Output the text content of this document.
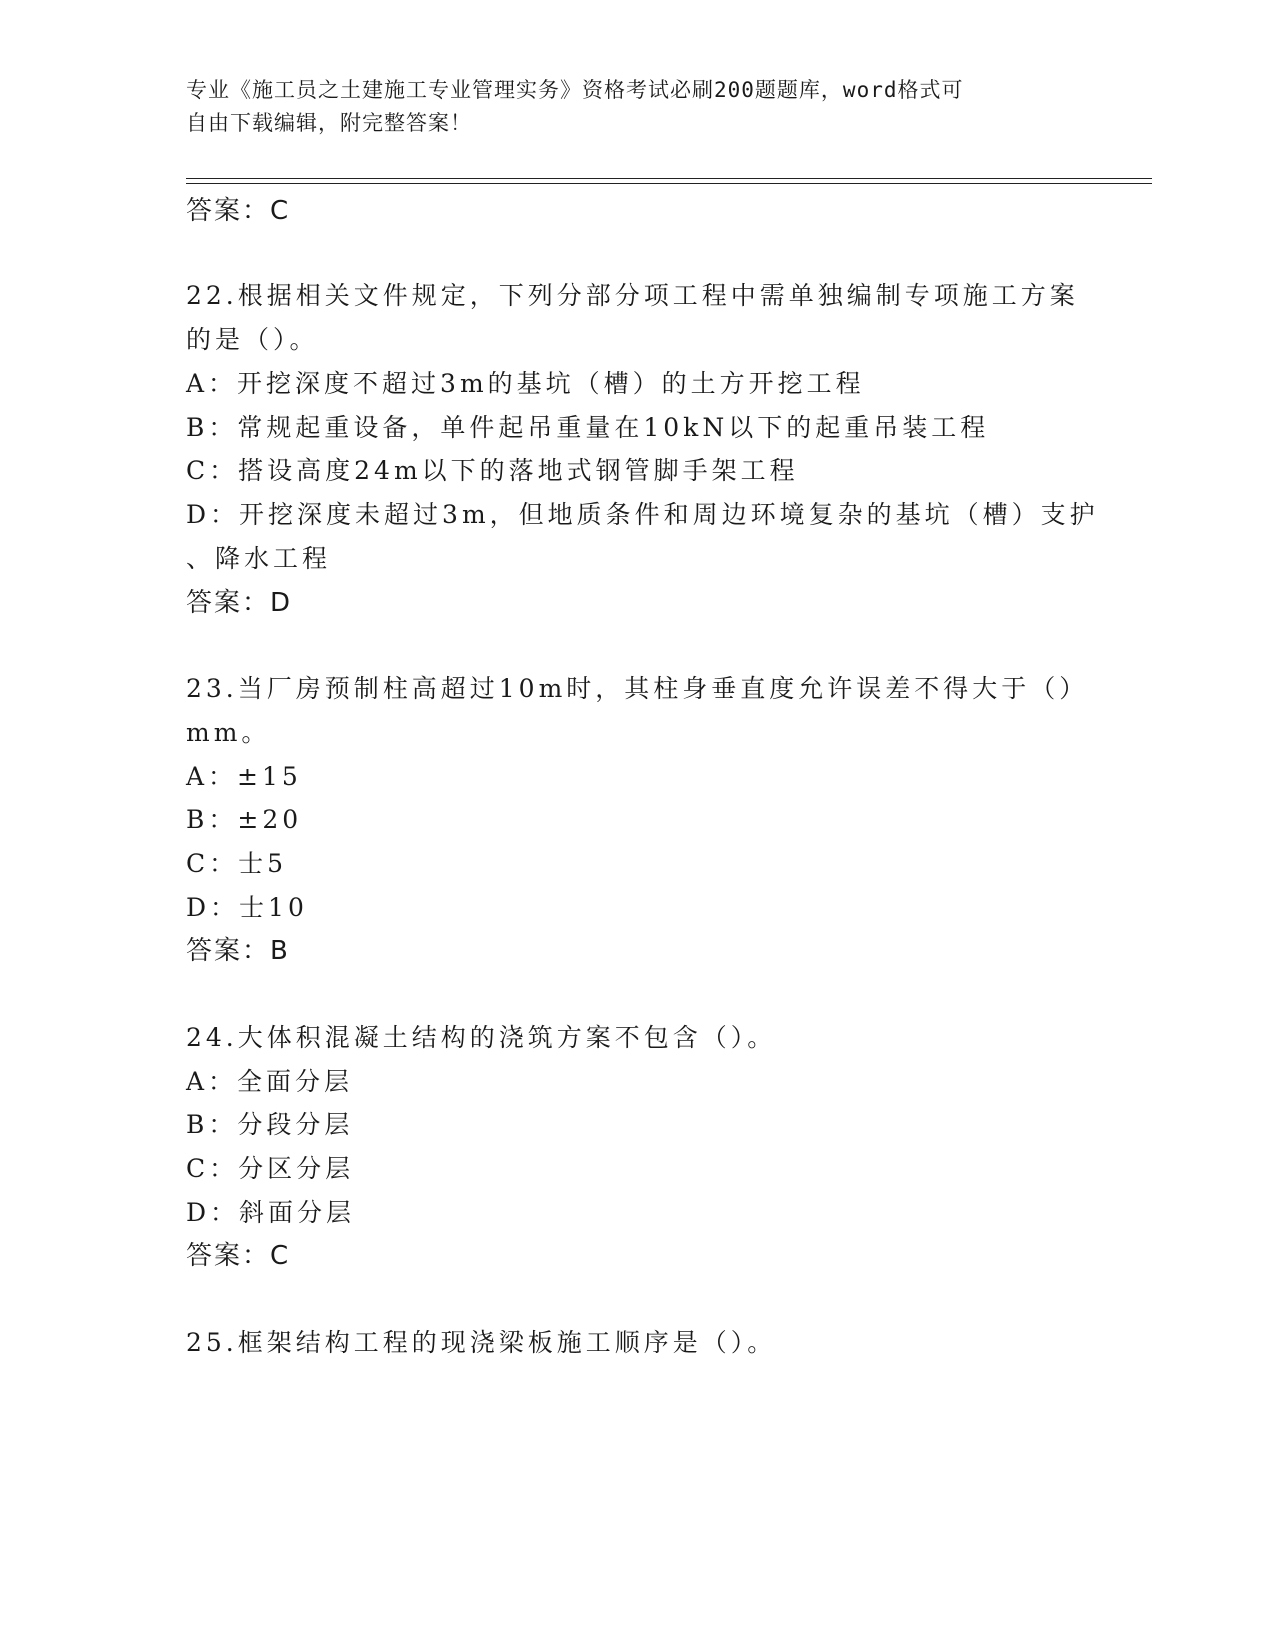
专业《施工员之土建施工专业管理实务》资格考试必刷200题题库，word格式可
自由下载编辑，附完整答案！
答案：C
22.根据相关文件规定，下列分部分项工程中需单独编制专项施工方案
的是（）。
A：开挖深度不超过3m的基坑（槽）的土方开挖工程
B：常规起重设备，单件起吊重量在10kN以下的起重吊装工程
C：搭设高度24m以下的落地式钢管脚手架工程
D：开挖深度未超过3m，但地质条件和周边环境复杂的基坑（槽）支护
、降水工程
答案：D
23.当厂房预制柱高超过10m时，其柱身垂直度允许误差不得大于（）
mm。
A：±15
B：±20
C：士5
D：士10
答案：B
24.大体积混凝土结构的浇筑方案不包含（）。
A：全面分层
B：分段分层
C：分区分层
D：斜面分层
答案：C
25.框架结构工程的现浇梁板施工顺序是（）。
